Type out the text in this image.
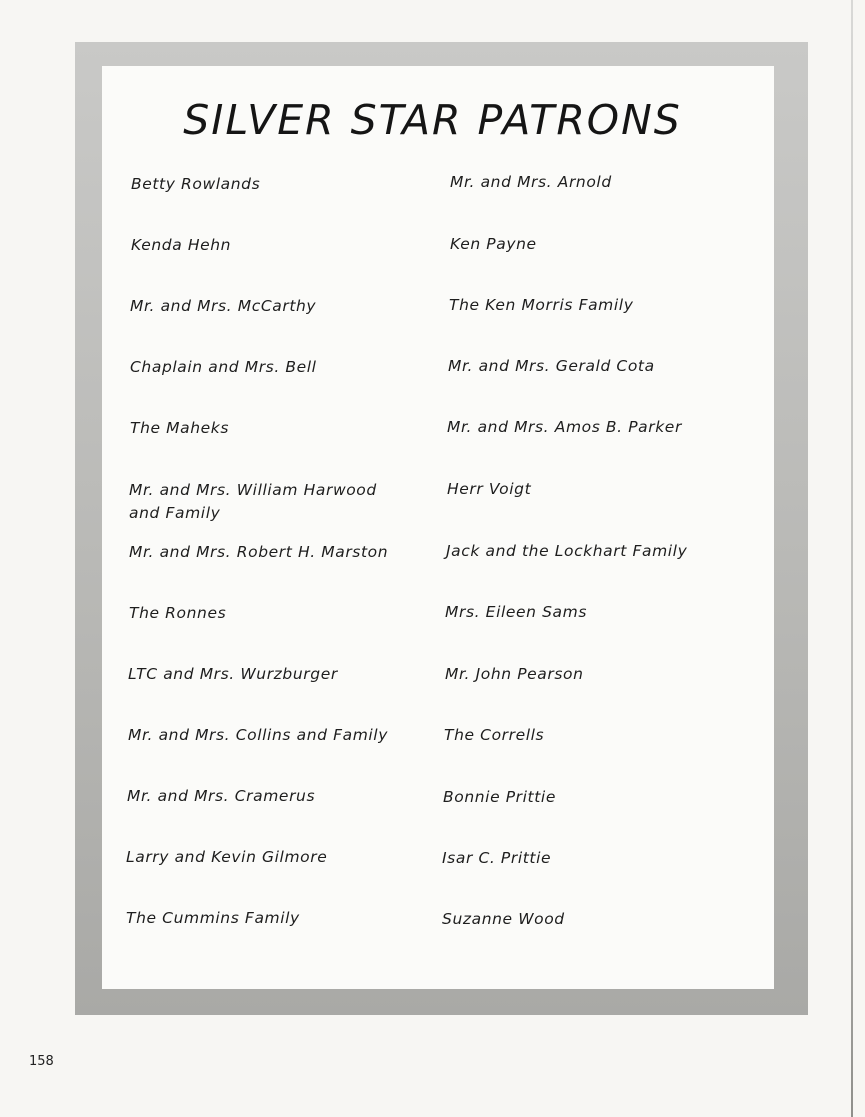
SILVER STAR PATRONS
Betty Rowlands
Kenda Hehn
Mr. and Mrs. McCarthy
Chaplain and Mrs. Bell
The Maheks
Mr. and Mrs. William Harwood and Family
Mr. and Mrs. Robert H. Marston
The Ronnes
LTC and Mrs. Wurzburger
Mr. and Mrs. Collins and Family
Mr. and Mrs. Cramerus
Larry and Kevin Gilmore
The Cummins Family
Mr. and Mrs. Arnold
Ken Payne
The Ken Morris Family
Mr. and Mrs. Gerald Cota
Mr. and Mrs. Amos B. Parker
Herr Voigt
Jack and the Lockhart Family
Mrs. Eileen Sams
Mr. John Pearson
The Corrells
Bonnie Prittie
Isar C. Prittie
Suzanne Wood
158
